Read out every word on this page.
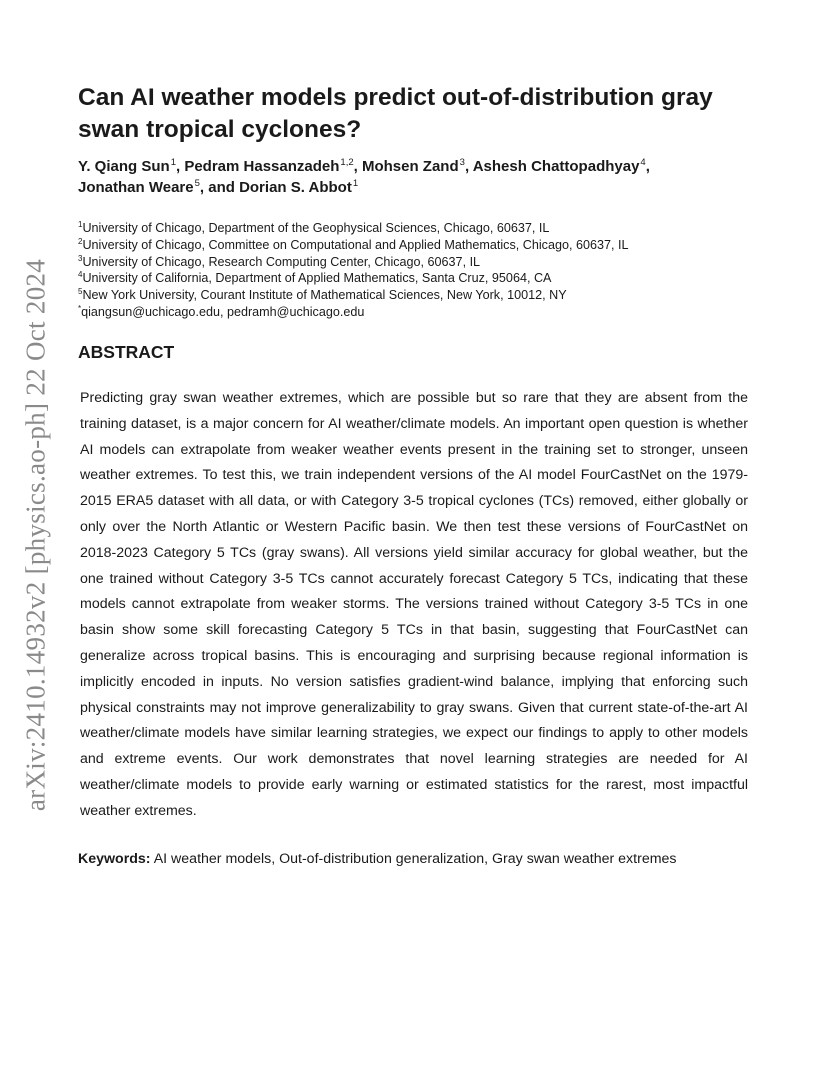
arXiv:2410.14932v2 [physics.ao-ph] 22 Oct 2024
Can AI weather models predict out-of-distribution gray swan tropical cyclones?
Y. Qiang Sun$^1$, Pedram Hassanzadeh$^{1,2}$, Mohsen Zand$^3$, Ashesh Chattopadhyay$^4$,
Jonathan Weare$^5$, and Dorian S. Abbot$^1$
$^1$University of Chicago, Department of the Geophysical Sciences, Chicago, 60637, IL
$^2$University of Chicago, Committee on Computational and Applied Mathematics, Chicago, 60637, IL
$^3$University of Chicago, Research Computing Center, Chicago, 60637, IL
$^4$University of California, Department of Applied Mathematics, Santa Cruz, 95064, CA
$^5$New York University, Courant Institute of Mathematical Sciences, New York, 10012, NY
*qiangsun@uchicago.edu, pedramh@uchicago.edu
ABSTRACT

Predicting gray swan weather extremes, which are possible but so rare that they are absent from the training dataset, is a major concern for AI weather/climate models. An important open question is whether AI models can extrapolate from weaker weather events present in the training set to stronger, unseen weather extremes. To test this, we train independent versions of the AI model FourCastNet on the 1979-2015 ERA5 dataset with all data, or with Category 3-5 tropical cyclones (TCs) removed, either globally or only over the North Atlantic or Western Pacific basin. We then test these versions of FourCastNet on 2018-2023 Category 5 TCs (gray swans). All versions yield similar accuracy for global weather, but the one trained without Category 3-5 TCs cannot accurately forecast Category 5 TCs, indicating that these models cannot extrapolate from weaker storms. The versions trained without Category 3-5 TCs in one basin show some skill forecasting Category 5 TCs in that basin, suggesting that FourCastNet can generalize across tropical basins. This is encouraging and surprising because regional information is implicitly encoded in inputs. No version satisfies gradient-wind balance, implying that enforcing such physical constraints may not improve generalizability to gray swans. Given that current state-of-the-art AI weather/climate models have similar learning strategies, we expect our findings to apply to other models and extreme events. Our work demonstrates that novel learning strategies are needed for AI weather/climate models to provide early warning or estimated statistics for the rarest, most impactful weather extremes.

Keywords: AI weather models, Out-of-distribution generalization, Gray swan weather extremes
